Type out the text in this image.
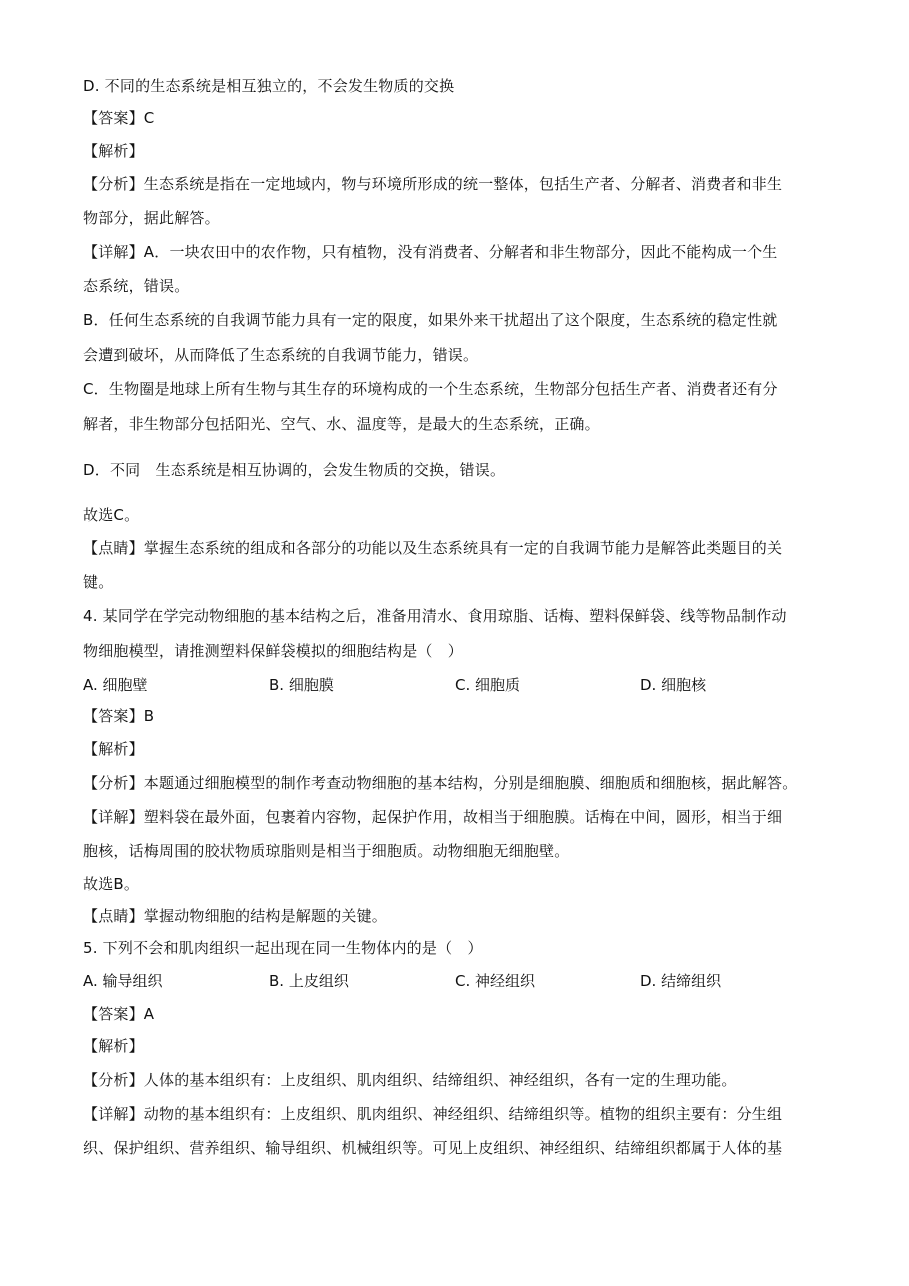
D. 不同的生态系统是相互独立的，不会发生物质的交换
【答案】C
【解析】
【分析】生态系统是指在一定地域内，物与环境所形成的统一整体，包括生产者、分解者、消费者和非生
物部分，据此解答。
【详解】A．一块农田中的农作物，只有植物，没有消费者、分解者和非生物部分，因此不能构成一个生
态系统，错误。
B．任何生态系统的自我调节能力具有一定的限度，如果外来干扰超出了这个限度，生态系统的稳定性就
会遭到破坏，从而降低了生态系统的自我调节能力，错误。
C．生物圈是地球上所有生物与其生存的环境构成的一个生态系统，生物部分包括生产者、消费者还有分
解者，非生物部分包括阳光、空气、水、温度等，是最大的生态系统，正确。
D．不同　生态系统是相互协调的，会发生物质的交换，错误。
故选C。
【点睛】掌握生态系统的组成和各部分的功能以及生态系统具有一定的自我调节能力是解答此类题目的关
键。
4. 某同学在学完动物细胞的基本结构之后，准备用清水、食用琼脂、话梅、塑料保鲜袋、线等物品制作动
物细胞模型，请推测塑料保鲜袋模拟的细胞结构是（　）
A. 细胞壁	B. 细胞膜	C. 细胞质	D. 细胞核
【答案】B
【解析】
【分析】本题通过细胞模型的制作考查动物细胞的基本结构，分别是细胞膜、细胞质和细胞核，据此解答。
【详解】塑料袋在最外面，包裹着内容物，起保护作用，故相当于细胞膜。话梅在中间，圆形，相当于细
胞核，话梅周围的胶状物质琼脂则是相当于细胞质。动物细胞无细胞壁。
故选B。
【点睛】掌握动物细胞的结构是解题的关键。
5. 下列不会和肌肉组织一起出现在同一生物体内的是（　）
A. 输导组织	B. 上皮组织	C. 神经组织	D. 结缔组织
【答案】A
【解析】
【分析】人体的基本组织有：上皮组织、肌肉组织、结缔组织、神经组织，各有一定的生理功能。
【详解】动物的基本组织有：上皮组织、肌肉组织、神经组织、结缔组织等。植物的组织主要有：分生组
织、保护组织、营养组织、输导组织、机械组织等。可见上皮组织、神经组织、结缔组织都属于人体的基
